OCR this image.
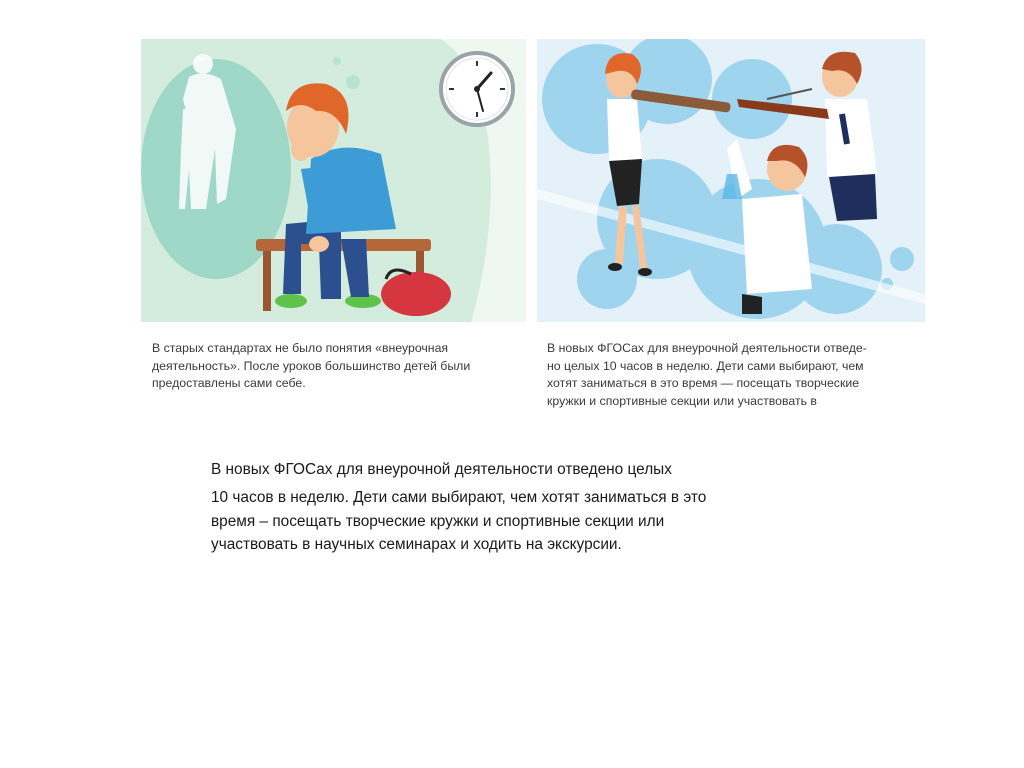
В старых стандартах не было понятия «внеурочная
деятельность». После уроков большинство детей были
предоставлены сами себе.
В новых ФГОСах для внеурочной деятельности отведе-
но целых 10 часов в неделю. Дети сами выбирают, чем
хотят заниматься в это время — посещать творческие
кружки и спортивные секции или участвовать в
В новых ФГОСах для внеурочной деятельности отведено целых
10 часов в неделю. Дети сами выбирают, чем хотят заниматься в это
время – посещать творческие кружки и спортивные секции или
участвовать в научных семинарах и ходить на экскурсии.
